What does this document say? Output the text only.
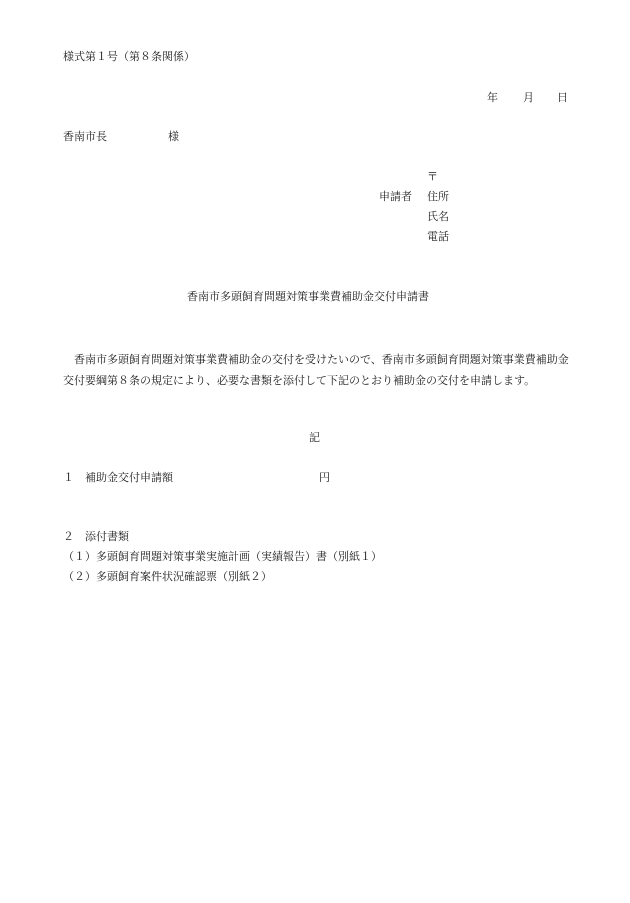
様式第１号（第８条関係）
年 月 日
香南市長	様
〒
申請者 住所
氏名
電話
香南市多頭飼育問題対策事業費補助金交付申請書
香南市多頭飼育問題対策事業費補助金の交付を受けたいので、香南市多頭飼育問題対策事業費補助金交付要綱第８条の規定により、必要な書類を添付して下記のとおり補助金の交付を申請します。
記
１ 補助金交付申請額	円
２ 添付書類
（１）多頭飼育問題対策事業実施計画（実績報告）書（別紙１）
（２）多頭飼育案件状況確認票（別紙２）
